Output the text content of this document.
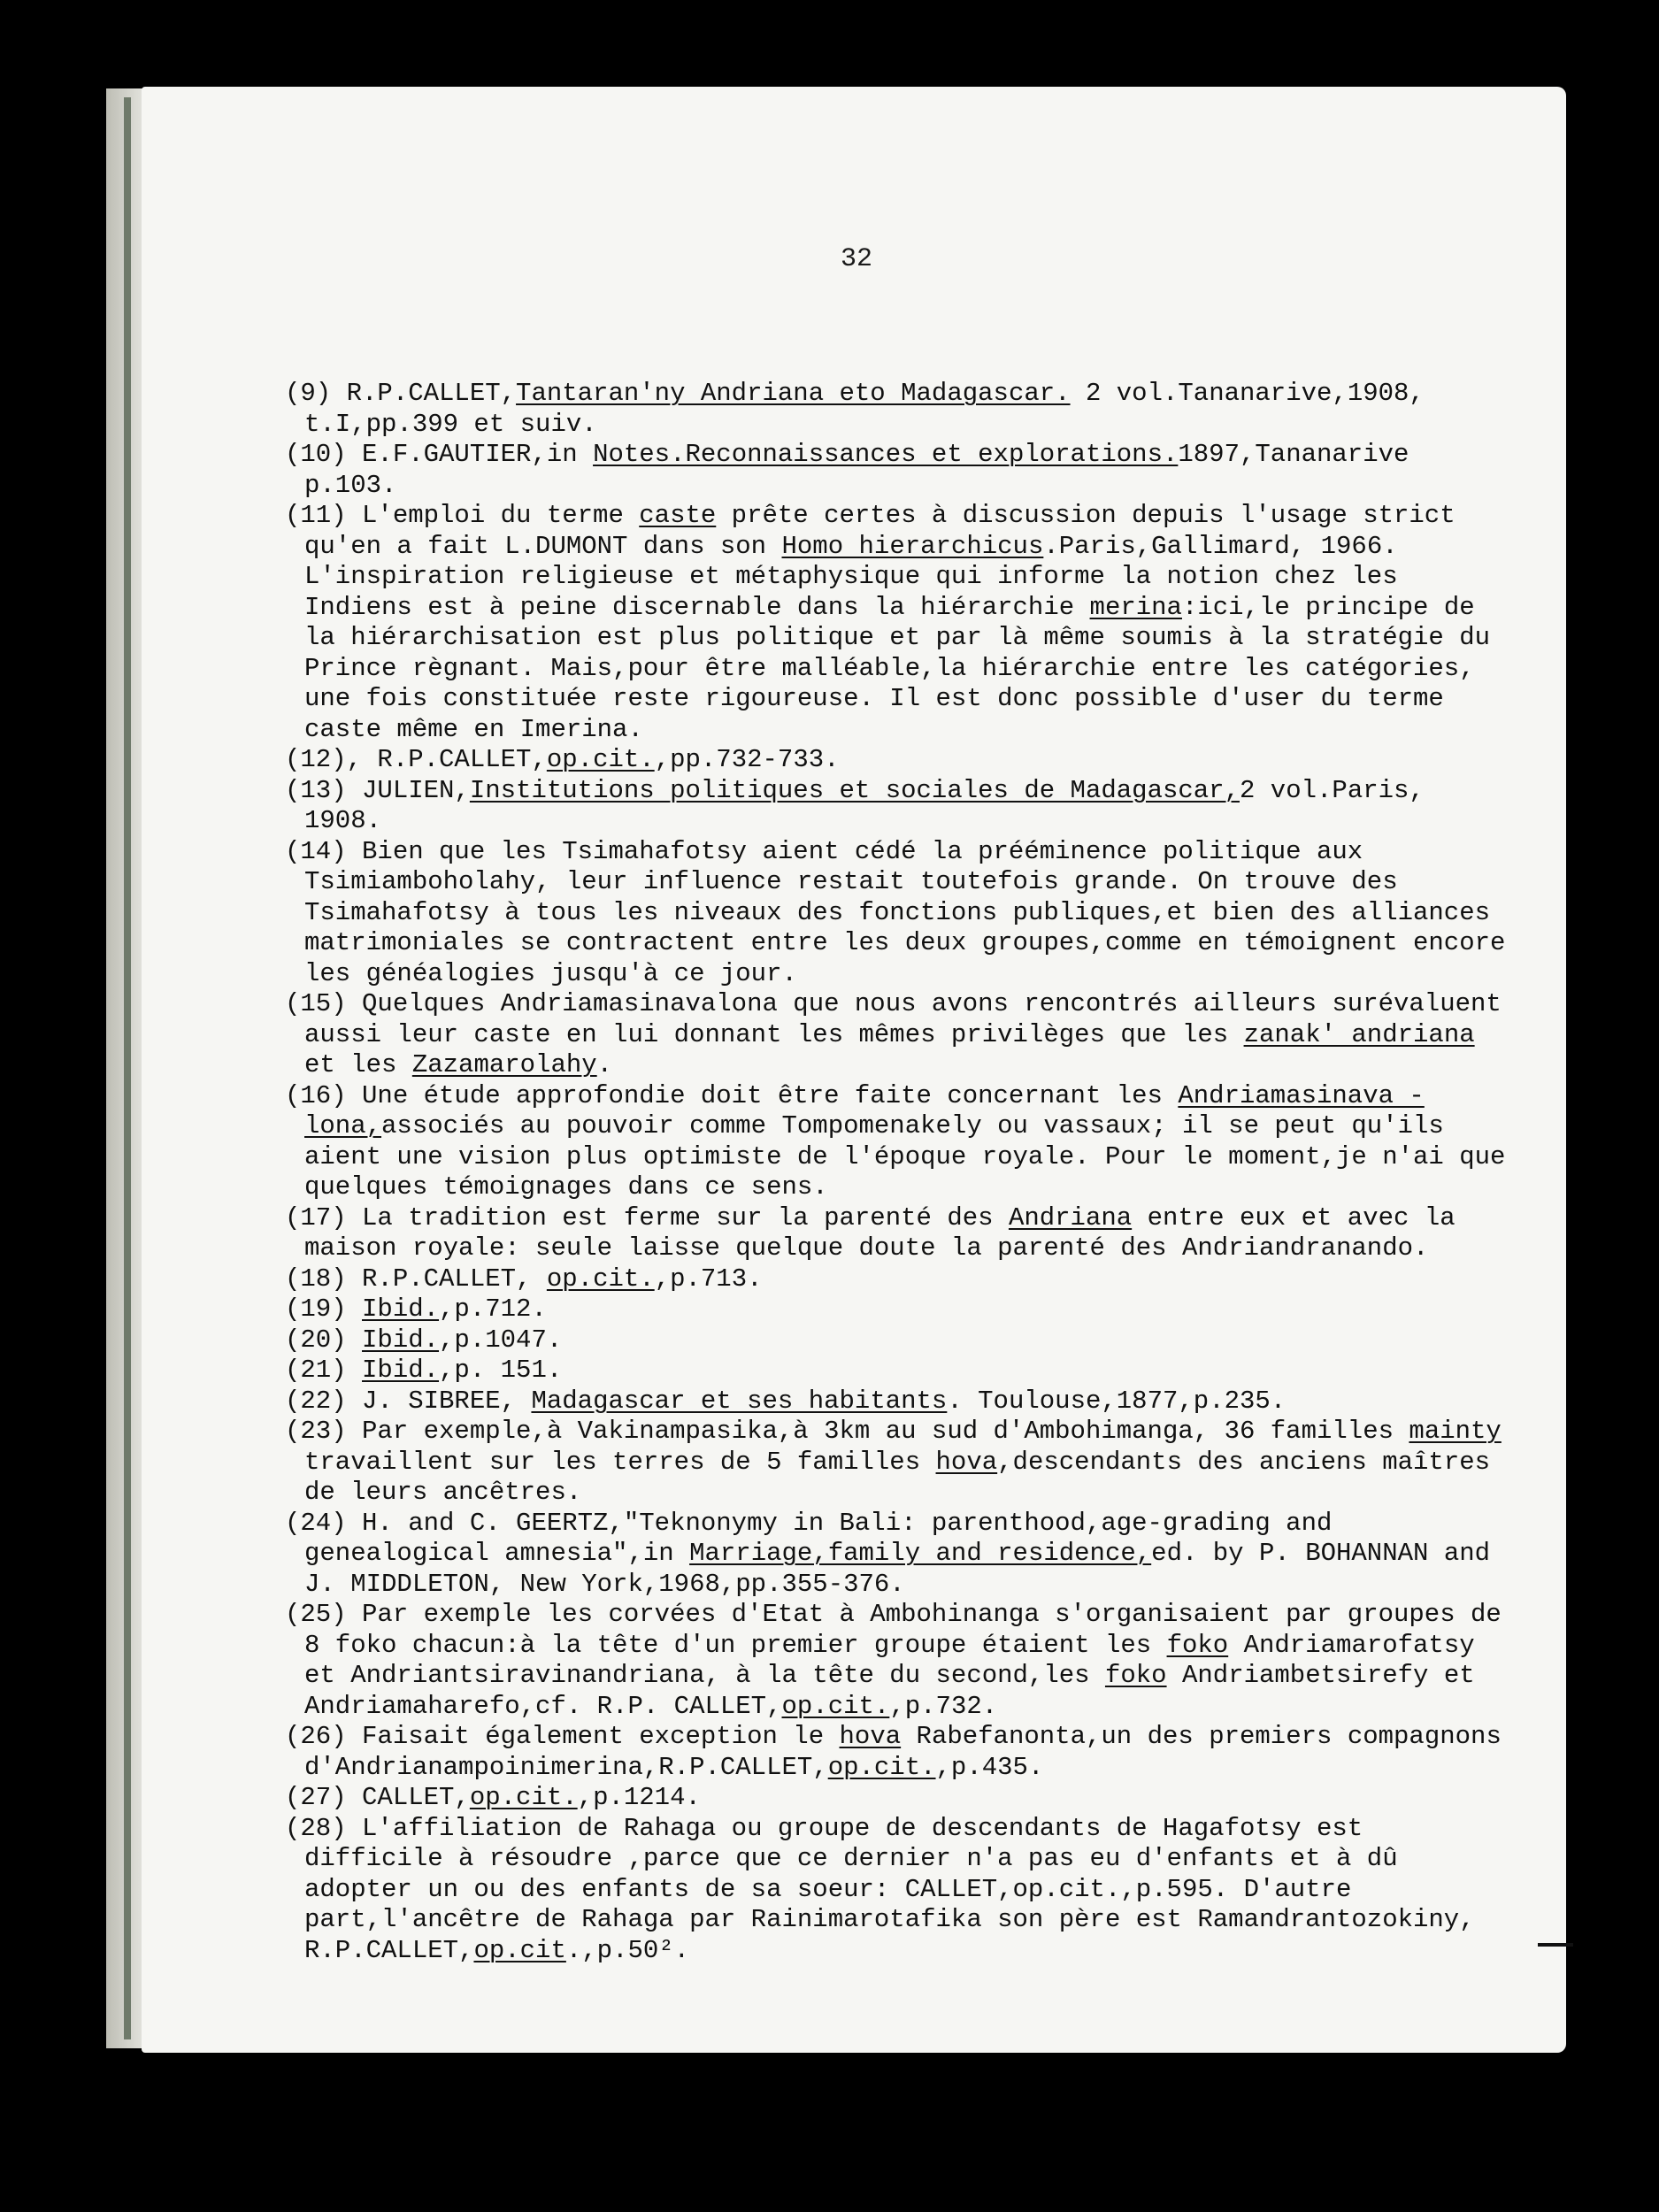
32

(9) R.P.CALLET,Tantaran'ny Andriana eto Madagascar. 2 vol.Tananarive,1908, t.I,pp.399 et suiv.

(10) E.F.GAUTIER,in Notes.Reconnaissances et explorations.1897,Tananarive p.103.

(11) L'emploi du terme caste prête certes à discussion depuis l'usage strict qu'en a fait L.DUMONT dans son Homo hierarchicus.Paris,Gallimard, 1966. L'inspiration religieuse et métaphysique qui informe la notion chez les Indiens est à peine discernable dans la hiérarchie merina:ici,le principe de la hiérarchisation est plus politique et par là même soumis à la stratégie du Prince règnant. Mais,pour être malléable,la hiérarchie entre les catégories, une fois constituée reste rigoureuse. Il est donc possible d'user du terme caste même en Imerina.

(12), R.P.CALLET,op.cit.,pp.732-733.

(13) JULIEN,Institutions politiques et sociales de Madagascar,2 vol.Paris, 1908.

(14) Bien que les Tsimahafotsy aient cédé la prééminence politique aux Tsimiamboholahy, leur influence restait toutefois grande. On trouve des Tsimahafotsy à tous les niveaux des fonctions publiques,et bien des alliances matrimoniales se contractent entre les deux groupes,comme en témoignent encore les généalogies jusqu'à ce jour.

(15) Quelques Andriamasinavalona que nous avons rencontrés ailleurs surévaluent aussi leur caste en lui donnant les mêmes privilèges que les zanak' andriana et les Zazamarolahy.

(16) Une étude approfondie doit être faite concernant les Andriamasinava - lona,associés au pouvoir comme Tompomenakely ou vassaux; il se peut qu'ils aient une vision plus optimiste de l'époque royale. Pour le moment,je n'ai que quelques témoignages dans ce sens.

(17) La tradition est ferme sur la parenté des Andriana entre eux et avec la maison royale: seule laisse quelque doute la parenté des Andriandranando.

(18) R.P.CALLET, op.cit.,p.713.

(19) Ibid.,p.712.

(20) Ibid.,p.1047.

(21) Ibid.,p. 151.

(22) J. SIBREE, Madagascar et ses habitants. Toulouse,1877,p.235.

(23) Par exemple,à Vakinampasika,à 3km au sud d'Ambohimanga, 36 familles mainty travaillent sur les terres de 5 familles hova,descendants des anciens maîtres de leurs ancêtres.

(24) H. and C. GEERTZ,"Teknonymy in Bali: parenthood,age-grading and genealogical amnesia",in Marriage,family and residence,ed. by P. BOHANNAN and J. MIDDLETON, New York,1968,pp.355-376.

(25) Par exemple les corvées d'Etat à Ambohinanga s'organisaient par groupes de 8 foko chacun:à la tête d'un premier groupe étaient les foko Andriamarofatsy et Andriantsiravinandriana, à la tête du second,les foko Andriambetsirefy et Andriamaharefo,cf. R.P. CALLET,op.cit.,p.732.

(26) Faisait également exception le hova Rabefanonta,un des premiers compagnons d'Andrianampoinimerina,R.P.CALLET,op.cit.,p.435.

(27) CALLET,op.cit.,p.1214.

(28) L'affiliation de Rahaga ou groupe de descendants de Hagafotsy est difficile à résoudre ,parce que ce dernier n'a pas eu d'enfants et à dû adopter un ou des enfants de sa soeur: CALLET,op.cit.,p.595. D'autre part,l'ancêtre de Rahaga par Rainimarotafika son père est Ramandrantozokiny, R.P.CALLET,op.cit.,p.50².
